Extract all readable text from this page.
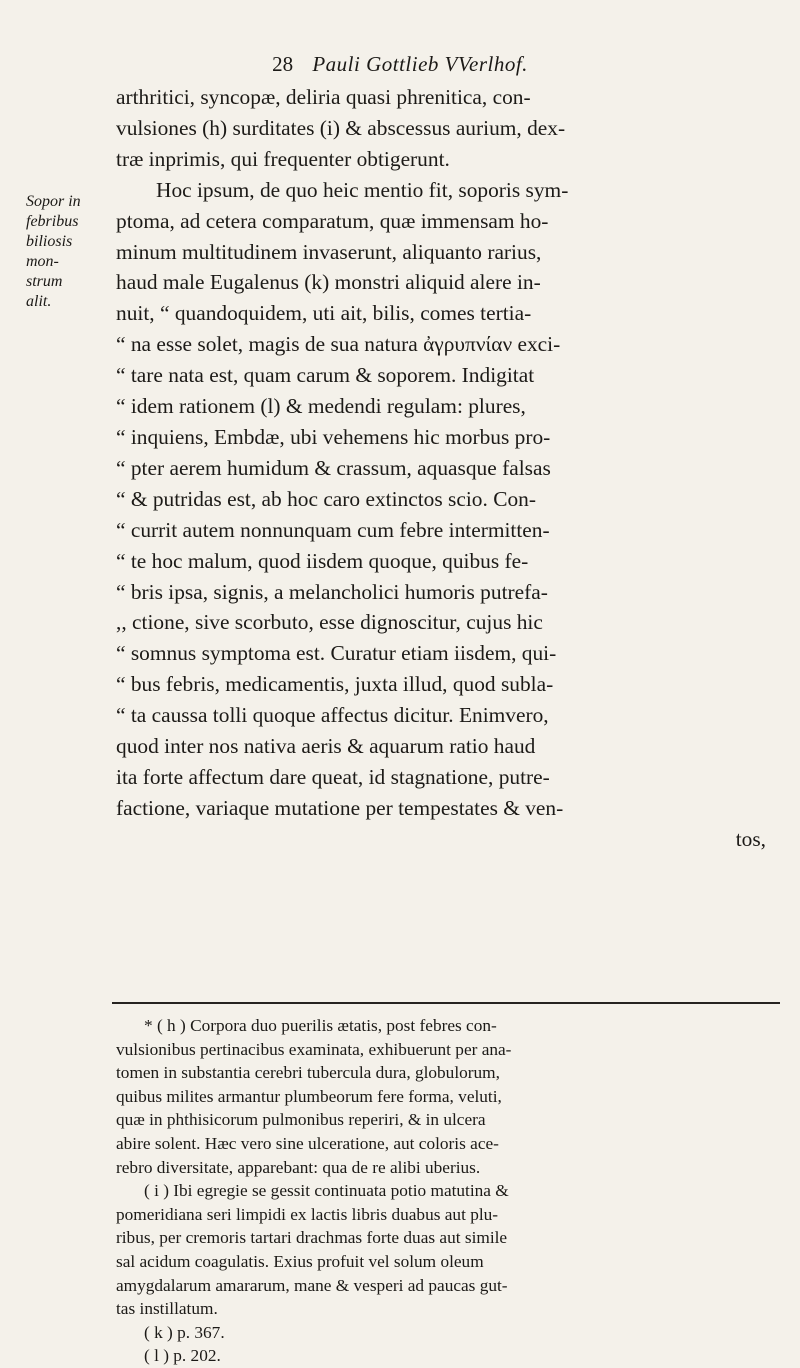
28 Pauli Gottlieb VVerlhof.
Sopor in
febribus
biliosis
mon-
strum
alit.
arthritici, syncopæ, deliria quasi phrenitica, con-
vulsiones (h) surditates (i) & abscessus aurium, dex-
træ inprimis, qui frequenter obtigerunt.
Hoc ipsum, de quo heic mentio fit, soporis sym-
ptoma, ad cetera comparatum, quæ immensam ho-
minum multitudinem invaserunt, aliquanto rarius,
haud male Eugalenus (k) monstri aliquid alere in-
nuit, “ quandoquidem, uti ait, bilis, comes tertia-
“ na esse solet, magis de sua natura ἀγρυπνίαν exci-
“ tare nata est, quam carum & soporem. Indigitat
“ idem rationem (l) & medendi regulam: plures,
“ inquiens, Embdæ, ubi vehemens hic morbus pro-
“ pter aerem humidum & crassum, aquasque falsas
“ & putridas est, ab hoc caro extinctos scio. Con-
“ currit autem nonnunquam cum febre intermitten-
“ te hoc malum, quod iisdem quoque, quibus fe-
“ bris ipsa, signis, a melancholici humoris putrefa-
,, ctione, sive scorbuto, esse dignoscitur, cujus hic
“ somnus symptoma est. Curatur etiam iisdem, qui-
“ bus febris, medicamentis, juxta illud, quod subla-
“ ta caussa tolli quoque affectus dicitur. Enimvero,
quod inter nos nativa aeris & aquarum ratio haud
ita forte affectum dare queat, id stagnatione, putre-
factione, variaque mutatione per tempestates & ven-
tos,
* ( h ) Corpora duo puerilis ætatis, post febres con-
vulsionibus pertinacibus examinata, exhibuerunt per ana-
tomen in substantia cerebri tubercula dura, globulorum,
quibus milites armantur plumbeorum fere forma, veluti,
quæ in phthisicorum pulmonibus reperiri, & in ulcera
abire solent. Hæc vero sine ulceratione, aut coloris ace-
rebro diversitate, apparebant: qua de re alibi uberius.
( i ) Ibi egregie se gessit continuata potio matutina &
pomeridiana seri limpidi ex lactis libris duabus aut plu-
ribus, per cremoris tartari drachmas forte duas aut simile
sal acidum coagulatis. Exius profuit vel solum oleum
amygdalarum amararum, mane & vesperi ad paucas gut-
tas instillatum.
( k ) p. 367.
( l ) p. 202.
